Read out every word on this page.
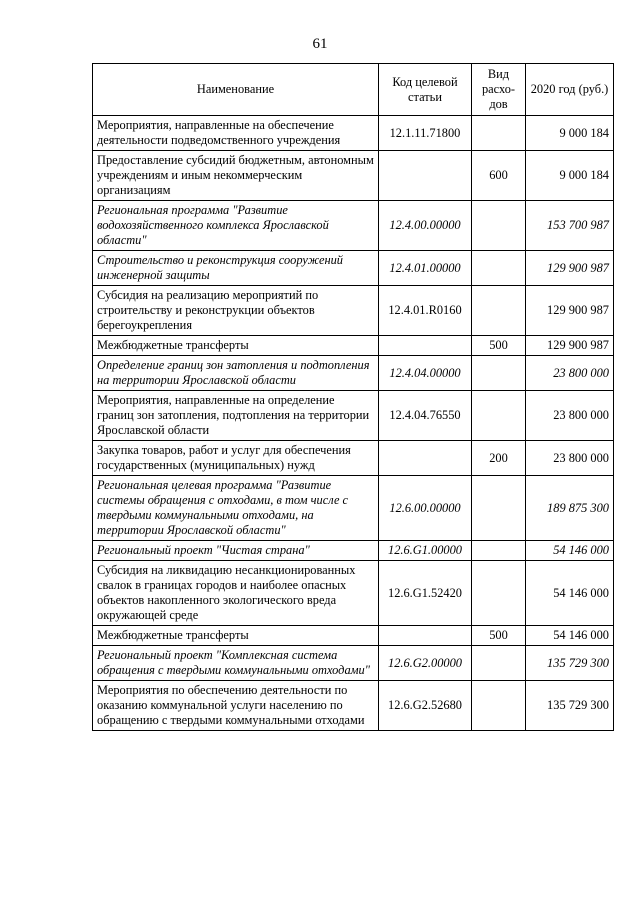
61
Наименование	Код целевой статьи	Вид расхо-дов	2020 год (руб.)
Мероприятия, направленные на обеспечение деятельности подведомственного учреждения	12.1.11.71800		9 000 184
Предоставление субсидий бюджетным, автономным учреждениям и иным некоммерческим организациям		600	9 000 184
Региональная программа "Развитие водохозяйственного комплекса Ярославской области"	12.4.00.00000		153 700 987
Строительство и реконструкция сооружений инженерной защиты	12.4.01.00000		129 900 987
Субсидия на реализацию мероприятий по строительству и реконструкции объектов берегоукрепления	12.4.01.R0160		129 900 987
Межбюджетные трансферты		500	129 900 987
Определение границ зон затопления и подтопления на территории Ярославской области	12.4.04.00000		23 800 000
Мероприятия, направленные на определение границ зон затопления, подтопления на территории Ярославской области	12.4.04.76550		23 800 000
Закупка товаров, работ и услуг для обеспечения государственных (муниципальных) нужд		200	23 800 000
Региональная целевая программа "Развитие системы обращения с отходами, в том числе с твердыми коммунальными отходами, на территории Ярославской области"	12.6.00.00000		189 875 300
Региональный проект "Чистая страна"	12.6.G1.00000		54 146 000
Субсидия на ликвидацию несанкционированных свалок в границах городов и наиболее опасных объектов накопленного экологического вреда окружающей среде	12.6.G1.52420		54 146 000
Межбюджетные трансферты		500	54 146 000
Региональный проект "Комплексная система обращения с твердыми коммунальными отходами"	12.6.G2.00000		135 729 300
Мероприятия по обеспечению деятельности по оказанию коммунальной услуги населению по обращению с твердыми коммунальными отходами	12.6.G2.52680		135 729 300
